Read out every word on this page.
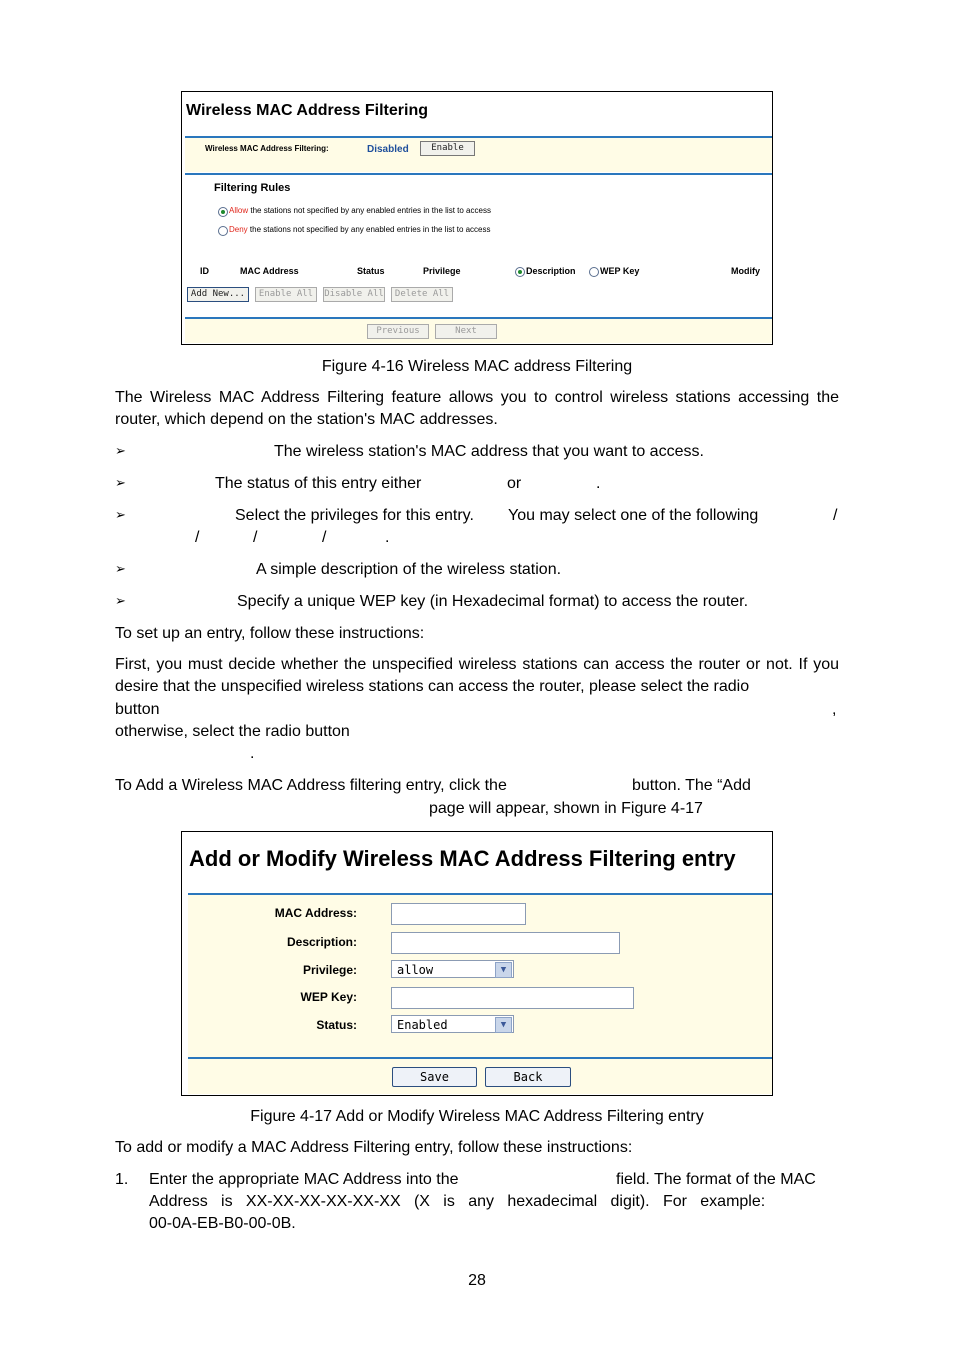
Wireless MAC Address Filtering
Wireless MAC Address Filtering:	Disabled	Enable
Filtering Rules
Allow the stations not specified by any enabled entries in the list to access
Deny the stations not specified by any enabled entries in the list to access
ID	MAC Address	Status	Privilege	Description	WEP Key	Modify
Add New...	Enable All	Disable All	Delete All
Previous	Next
Figure 4-16 Wireless MAC address Filtering
The Wireless MAC Address Filtering feature allows you to control wireless stations accessing the router, which depend on the station's MAC addresses.
➢	The wireless station's MAC address that you want to access.
➢	The status of this entry either	or	.
➢	Select the privileges for this entry. You may select one of the following	/
/	/	/	.
➢	A simple description of the wireless station.
➢	Specify a unique WEP key (in Hexadecimal format) to access the router.
To set up an entry, follow these instructions:
First, you must decide whether the unspecified wireless stations can access the router or not. If you desire that the unspecified wireless stations can access the router, please select the radio
button	,
otherwise, select the radio button
.
To Add a Wireless MAC Address filtering entry, click the	button. The “Add
page will appear, shown in Figure 4-17
Add or Modify Wireless MAC Address Filtering entry
MAC Address:
Description:
Privilege:	allow	▼
WEP Key:
Status:	Enabled	▼
Save	Back
Figure 4-17 Add or Modify Wireless MAC Address Filtering entry
To add or modify a MAC Address Filtering entry, follow these instructions:
1. Enter the appropriate MAC Address into the	field. The format of the MAC
Address   is   XX-XX-XX-XX-XX-XX   (X   is   any   hexadecimal   digit).   For   example:
00-0A-EB-B0-00-0B.
28
